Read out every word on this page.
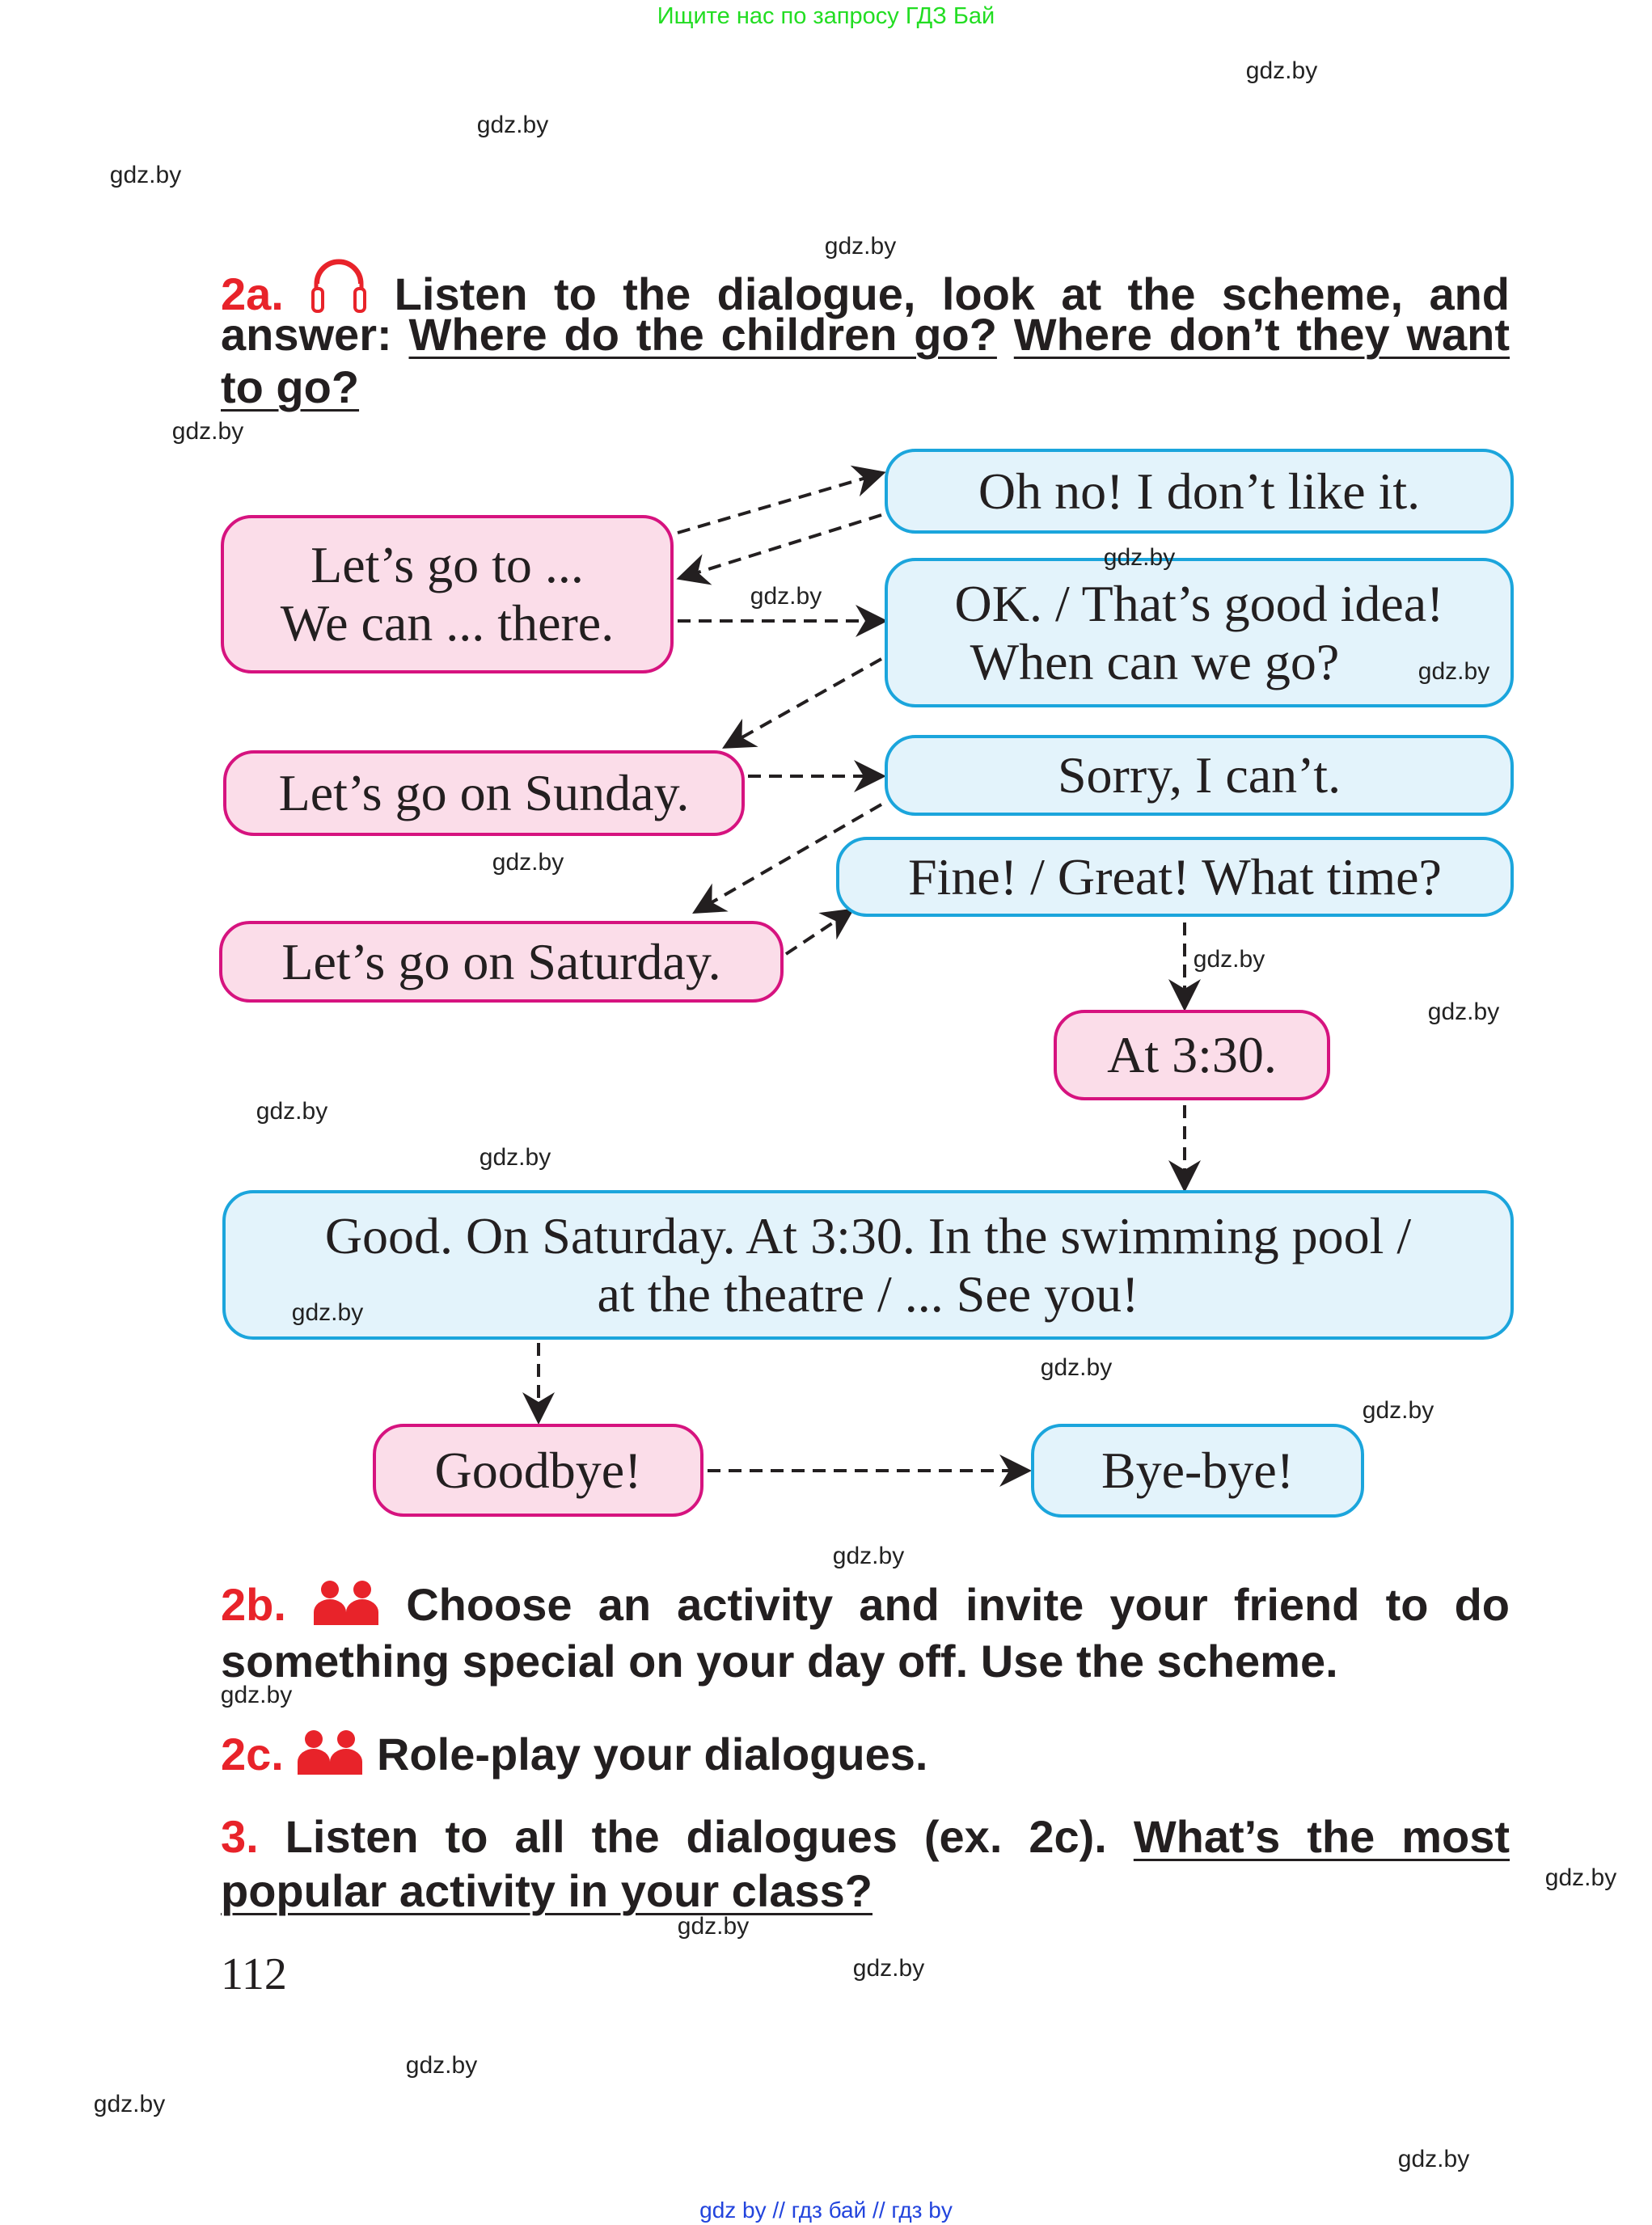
Ищите нас по запросу ГДЗ Бай
2a. Listen to the dialogue, look at the scheme, and
answer: Where do the children go? Where don’t they want
to go?
Let’s go to ...
We can ... there.
Oh no! I don’t like it.
OK. / That’s good idea!
When can we go?
Let’s go on Sunday.	Sorry, I can’t.
Fine! / Great! What time?
Let’s go on Saturday.
At 3:30.
Good. On Saturday. At 3:30. In the swimming pool /
at the theatre / ... See you!
Goodbye!	Bye-bye!
2b.	Choose an activity and invite your friend to do
something special on your day off. Use the scheme.
2c. Role-play your dialogues.
3. Listen to all the dialogues (ex. 2c). What’s the most
popular activity in your class?
112
gdz.by
gdz.by
gdz.by
gdz.by
gdz.by
gdz.by
gdz.by
gdz.by
gdz.by
gdz.by
gdz.by
gdz.by
gdz.by
gdz.by
gdz.by
gdz.by
gdz.by
gdz.by
gdz.by
gdz.by
gdz.by
gdz.by
gdz.by
gdz.by
gdz by // гдз бай // гдз by
